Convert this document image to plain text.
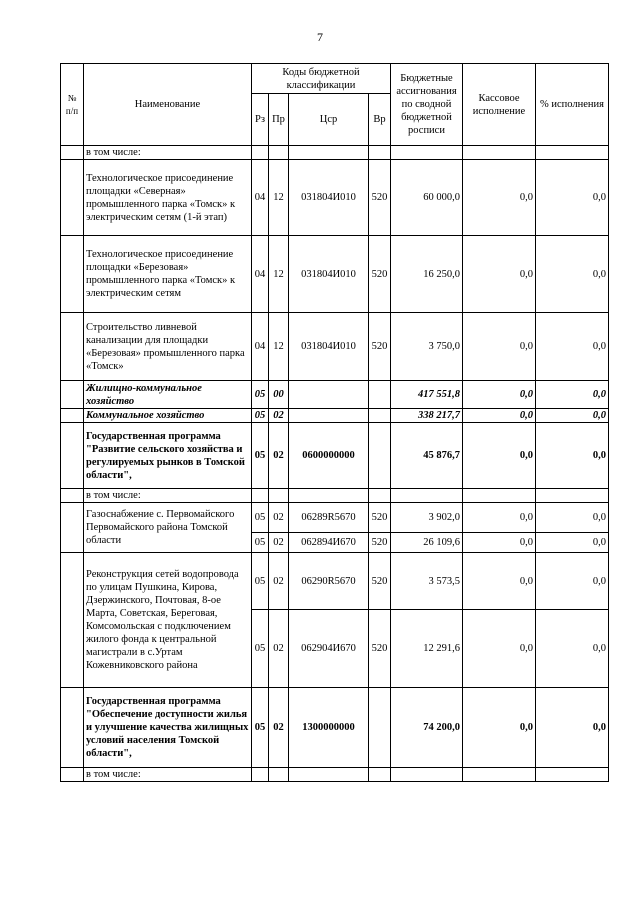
7
№
п/п	Наименование	Коды бюджетной классификации				Бюджетные ассигнования по сводной бюджетной росписи	Кассовое исполнение	% исполнения
		Рз	Пр	Цср	Вр			
	в том числе:							
	Технологическое присоединение площадки «Северная» промышленного парка «Томск» к электрическим сетям (1-й этап)	04	12	031804И010	520	60 000,0	0,0	0,0
	Технологическое присоединение площадки «Березовая» промышленного парка «Томск» к электрическим сетям	04	12	031804И010	520	16 250,0	0,0	0,0
	Строительство ливневой канализации для площадки «Березовая» промышленного парка «Томск»	04	12	031804И010	520	3 750,0	0,0	0,0
	Жилищно-коммунальное хозяйство	05	00			417 551,8	0,0	0,0
	Коммунальное хозяйство	05	02			338 217,7	0,0	0,0
	Государственная программа "Развитие сельского хозяйства и регулируемых рынков в Томской области",	05	02	0600000000		45 876,7	0,0	0,0
	в том числе:							
	Газоснабжение с. Первомайского Первомайского района Томской области	05	02	06289R5670	520	3 902,0	0,0	0,0
		05	02	062894И670	520	26 109,6	0,0	0,0
	Реконструкция сетей водопровода по улицам Пушкина, Кирова, Дзержинского, Почтовая, 8-ое Марта, Советская, Береговая, Комсомольская с подключением жилого фонда к центральной магистрали в с.Уртам Кожевниковского района	05	02	06290R5670	520	3 573,5	0,0	0,0
		05	02	062904И670	520	12 291,6	0,0	0,0
	Государственная программа "Обеспечение доступности жилья и улучшение качества жилищных условий населения Томской области",	05	02	1300000000		74 200,0	0,0	0,0
	в том числе:							
